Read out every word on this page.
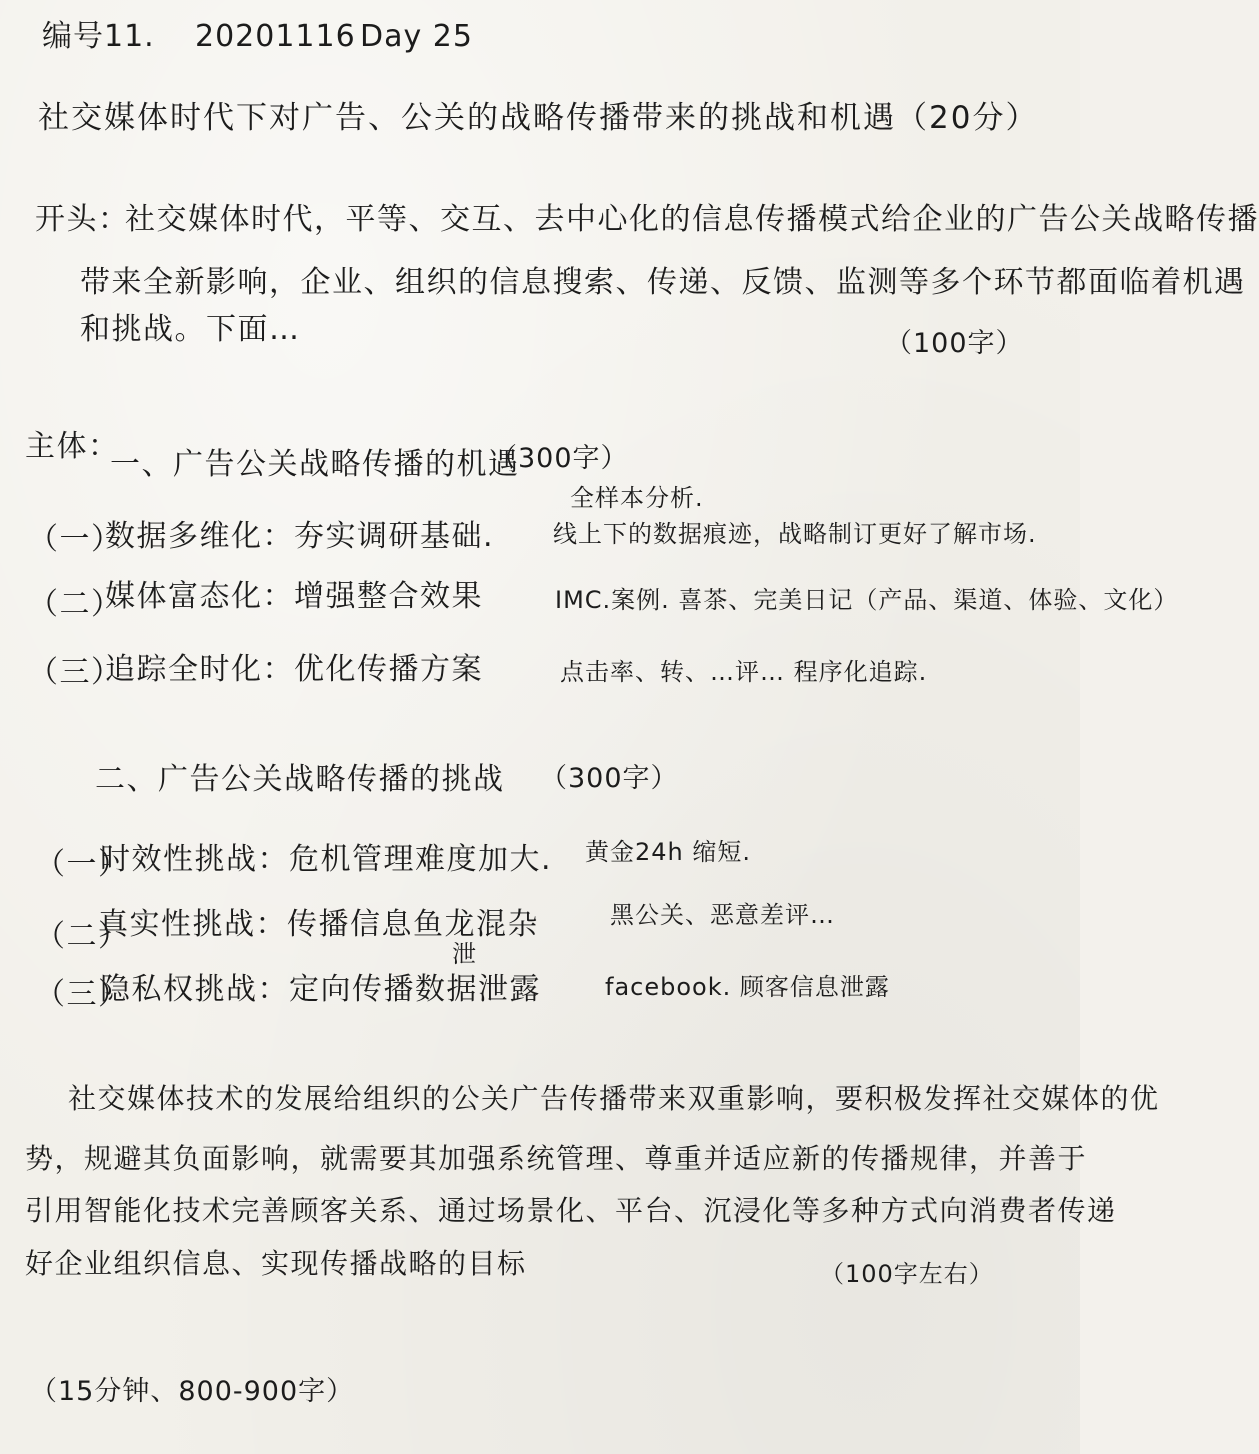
编号11. 20201116 Day 25
社交媒体时代下对广告、公关的战略传播带来的挑战和机遇（20分）
开头：
社交媒体时代，平等、交互、去中心化的信息传播模式给企业的广告公关战略传播
带来全新影响，企业、组织的信息搜索、传递、反馈、监测等多个环节都面临着机遇
和挑战。下面…	（100字）
主体：
一、广告公关战略传播的机遇
（300字）
全样本分析.
（一）
数据多维化：夯实调研基础. 线上下的数据痕迹，战略制订更好了解市场.
（二）
媒体富态化：增强整合效果	IMC.案例. 喜茶、完美日记（产品、渠道、体验、文化）
（三）
追踪全时化：优化传播方案	点击率、转、…评… 程序化追踪.
二、广告公关战略传播的挑战 （300字）
（一）
时效性挑战：危机管理难度加大. 黄金24h 缩短.
（二）
真实性挑战：传播信息鱼龙混杂	黑公关、恶意差评…
泄
（三）
隐私权挑战：定向传播数据泄露	facebook. 顾客信息泄露
社交媒体技术的发展给组织的公关广告传播带来双重影响，要积极发挥社交媒体的优
势，规避其负面影响，就需要其加强系统管理、尊重并适应新的传播规律，并善于
引用智能化技术完善顾客关系、通过场景化、平台、沉浸化等多种方式向消费者传递
好企业组织信息、实现传播战略的目标	（100字左右）
（15分钟、800-900字）
